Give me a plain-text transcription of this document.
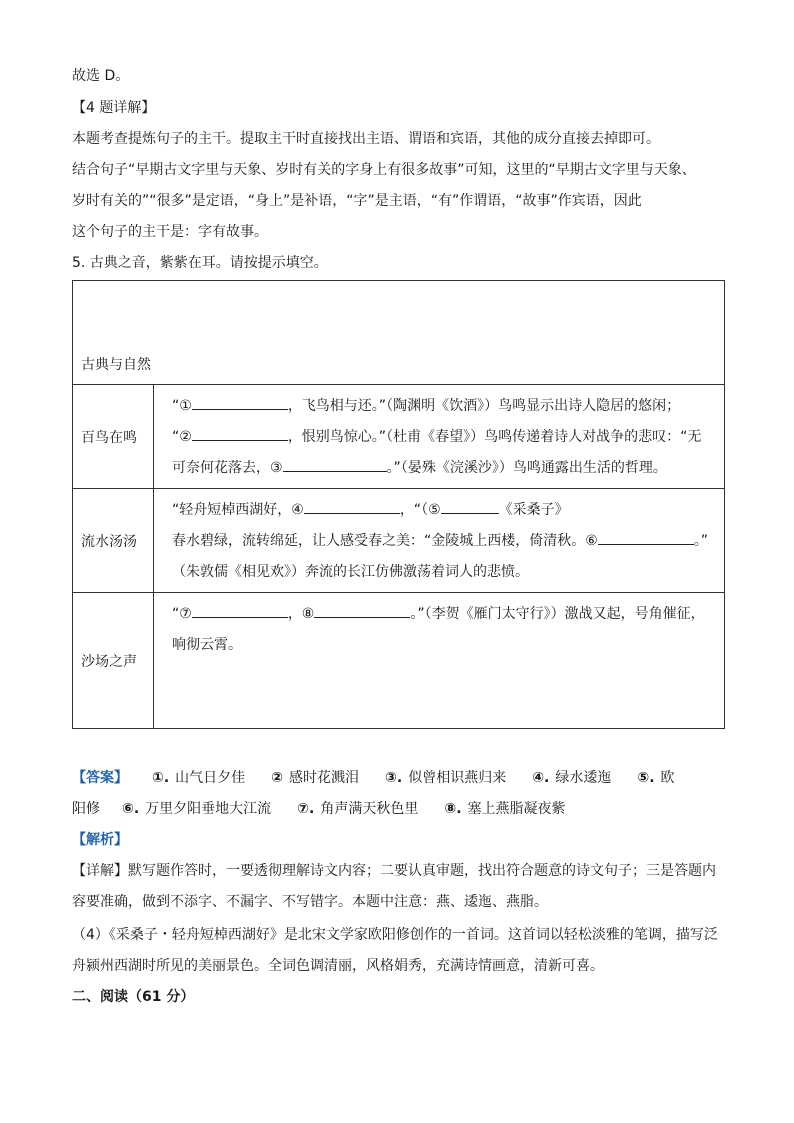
故选 D。
【4 题详解】
本题考查提炼句子的主干。提取主干时直接找出主语、谓语和宾语，其他的成分直接去掉即可。
结合句子“早期古文字里与天象、岁时有关的字身上有很多故事”可知，这里的“早期古文字里与天象、
岁时有关的”“很多”是定语，“身上”是补语，“字”是主语，“有”作谓语，“故事”作宾语，因此
这个句子的主干是：字有故事。
5. 古典之音，紫紫在耳。请按提示填空。
古典与自然	
百鸟在鸣	“① ，飞鸟相与还。”（陶渊明《饮酒》）鸟鸣显示出诗人隐居的悠闲；
“② ，恨别鸟惊心。”（杜甫《春望》）鸟鸣传递着诗人对战争的悲叹：“无
可奈何花落去，③ 。”（晏殊《浣溪沙》）鸟鸣通露出生活的哲理。

流水汤汤	“轻舟短棹西湖好，④ ，“（⑤ 《采桑子》
春水碧绿，流转绵延，让人感受春之美：“金陵城上西楼，倚清秋。⑥ 。”
（朱敦儒《相见欢》）奔流的长江仿佛激荡着词人的悲愤。

沙场之声	“⑦ ，⑧ 。”（李贺《雁门太守行》）激战又起，号角催征，
响彻云霄。
【答案】 ①. 山气日夕佳 ② 感时花溅泪 ③. 似曾相识燕归来 ④. 绿水逶迤 ⑤. 欧
阳修 ⑥. 万里夕阳垂地大江流 ⑦. 角声满天秋色里 ⑧. 塞上燕脂凝夜紫
【解析】
【详解】默写题作答时，一要透彻理解诗文内容；二要认真审题，找出符合题意的诗文句子；三是答题内
容要准确，做到不添字、不漏字、不写错字。本题中注意：燕、逶迤、燕脂。
（4）《采桑子・轻舟短棹西湖好》是北宋文学家欧阳修创作的一首词。这首词以轻松淡雅的笔调，描写泛
舟颍州西湖时所见的美丽景色。全词色调清丽，风格娟秀，充满诗情画意，清新可喜。
二、阅读（61 分）
